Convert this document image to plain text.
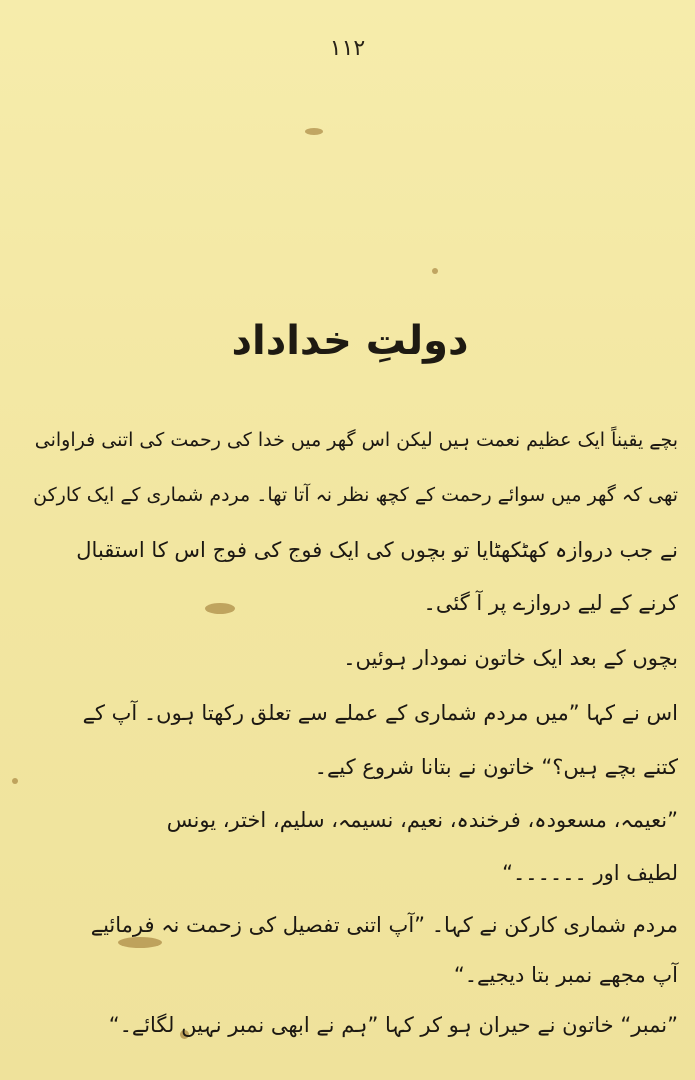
۱۱۲
دولتِ خداداد
بچے یقیناً ایک عظیم نعمت ہیں لیکن اس گھر میں خدا کی رحمت کی اتنی فراوانی
تھی کہ گھر میں سوائے رحمت کے کچھ نظر نہ آتا تھا۔ مردم شماری کے ایک کارکن
نے جب دروازہ کھٹکھٹایا تو بچوں کی ایک فوج کی فوج اس کا استقبال
کرنے کے لیے دروازے پر آ گئی۔
بچوں کے بعد ایک خاتون نمودار ہوئیں۔
اس نے کہا ”میں مردم شماری کے عملے سے تعلق رکھتا ہوں۔ آپ کے
کتنے بچے ہیں؟“ خاتون نے بتانا شروع کیے۔
”نعیمہ، مسعودہ، فرخندہ، نعیم، نسیمہ، سلیم، اختر، یونس
لطیف اور ۔۔۔۔۔۔“
مردم شماری کارکن نے کہا۔ ”آپ اتنی تفصیل کی زحمت نہ فرمائیے
آپ مجھے نمبر بتا دیجیے۔“
”نمبر“ خاتون نے حیران ہو کر کہا ”ہم نے ابھی نمبر نہیں لگائے۔“
